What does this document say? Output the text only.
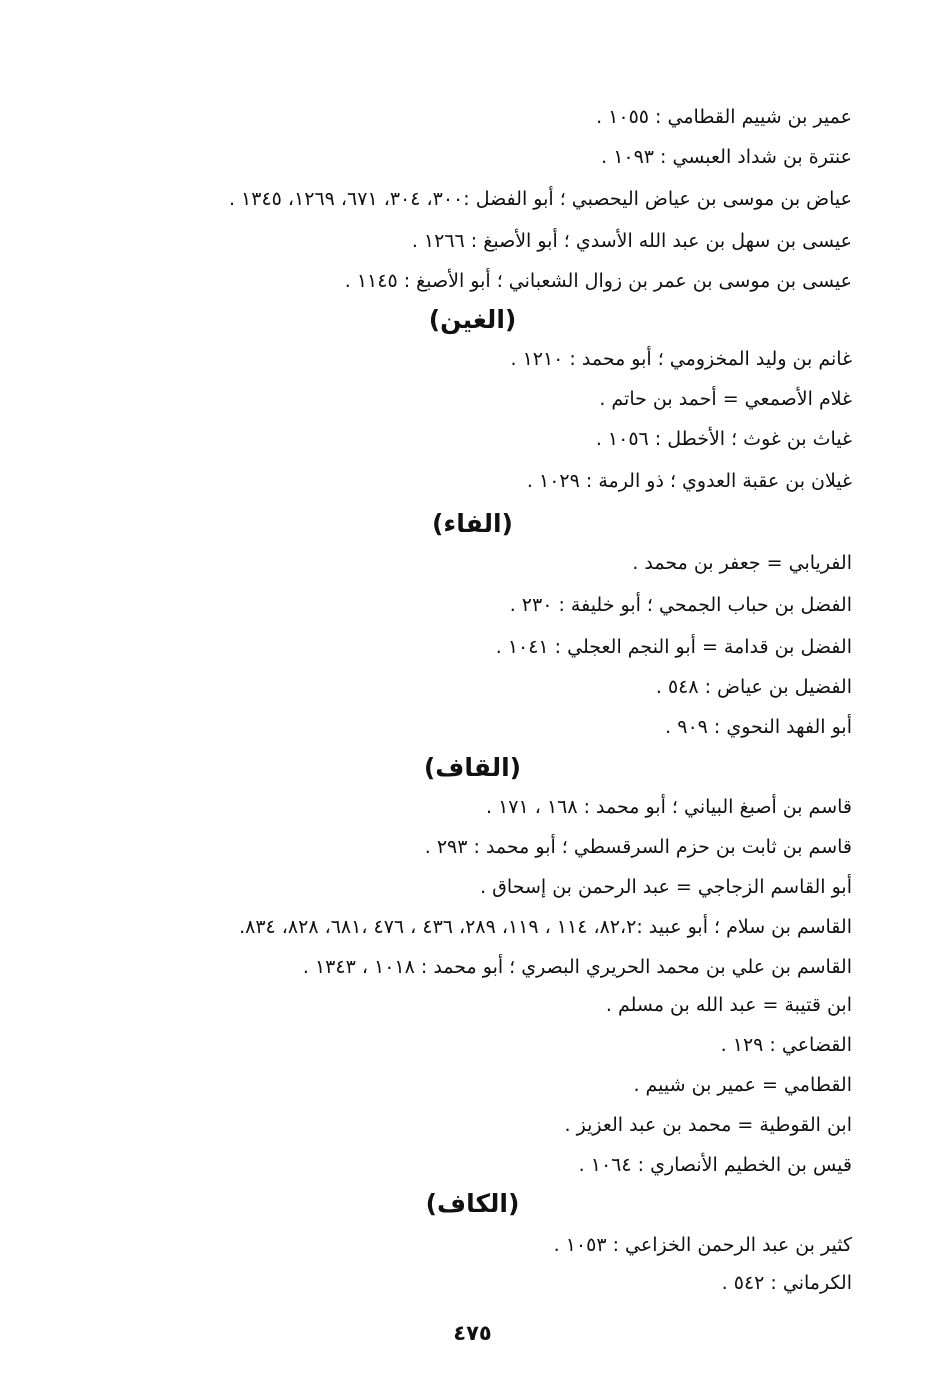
عمير بن شييم القطامي : ١٠٥٥ .
عنترة بن شداد العبسي : ١٠٩٣ .
عياض بن موسى بن عياض اليحصبي ؛ أبو الفضل :٣٠٠، ٣٠٤، ٦٧١، ١٢٦٩، ١٣٤٥ .
عيسى بن سهل بن عبد الله الأسدي ؛ أبو الأصبغ : ١٢٦٦ .
عيسى بن موسى بن عمر بن زوال الشعباني ؛ أبو الأصبغ : ١١٤٥ .
(الغين)
غانم بن وليد المخزومي ؛ أبو محمد : ١٢١٠ .
غلام الأصمعي = أحمد بن حاتم .
غياث بن غوث ؛ الأخطل : ١٠٥٦ .
غيلان بن عقبة العدوي ؛ ذو الرمة : ١٠٢٩ .
(الفاء)
الفريابي = جعفر بن محمد .
الفضل بن حباب الجمحي ؛ أبو خليفة : ٢٣٠ .
الفضل بن قدامة = أبو النجم العجلي : ١٠٤١ .
الفضيل بن عياض : ٥٤٨ .
أبو الفهد النحوي : ٩٠٩ .
(القاف)
قاسم بن أصبغ البياني ؛ أبو محمد : ١٦٨ ، ١٧١ .
قاسم بن ثابت بن حزم السرقسطي ؛ أبو محمد : ٢٩٣ .
أبو القاسم الزجاجي = عبد الرحمن بن إسحاق .
القاسم بن سلام ؛ أبو عبيد :٨٢،٢، ١١٤ ، ١١٩، ٢٨٩، ٤٣٦ ، ٤٧٦ ،٦٨١، ٨٢٨، ٨٣٤.
القاسم بن علي بن محمد الحريري البصري ؛ أبو محمد : ١٠١٨ ، ١٣٤٣ .
ابن قتيبة = عبد الله بن مسلم .
القضاعي : ١٢٩ .
القطامي = عمير بن شييم .
ابن القوطية = محمد بن عبد العزيز .
قيس بن الخطيم الأنصاري : ١٠٦٤ .
(الكاف)
كثير بن عبد الرحمن الخزاعي : ١٠٥٣ .
الكرماني : ٥٤٢ .
٤٧٥
